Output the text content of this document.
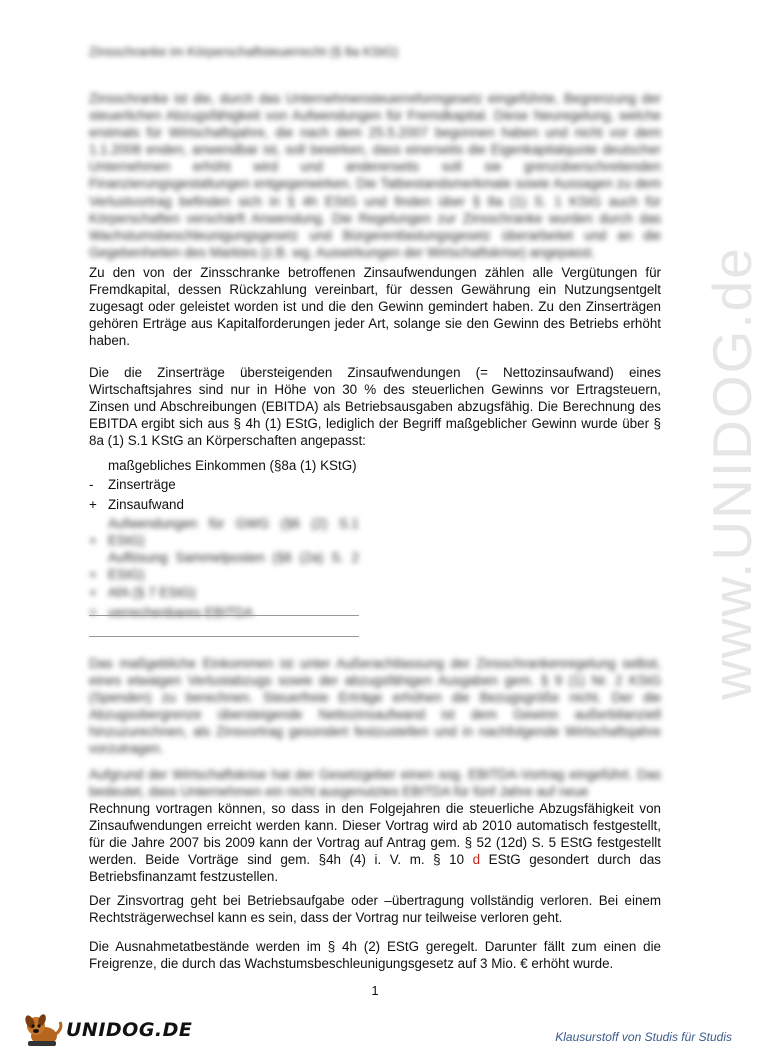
www.UNIDOG.de
Zinsschranke im Körperschaftsteuerrecht (§ 8a KStG)

Zinsschranke ist die, durch das Unternehmensteuerreformgesetz eingeführte, Begrenzung der steuerlichen Abzugsfähigkeit von Aufwendungen für Fremdkapital. Diese Neuregelung, welche erstmals für Wirtschaftsjahre, die nach dem 25.5.2007 begonnen haben und nicht vor dem 1.1.2008 enden, anwendbar ist, soll bewirken, dass einerseits die Eigenkapitalquote deutscher Unternehmen erhöht wird und andererseits soll sie grenzüberschreitenden Finanzierungsgestaltungen entgegenwirken. Die Tatbestandsmerkmale sowie Aussagen zu dem Verlustvortrag befinden sich in § 4h EStG und finden über § 8a (1) S. 1 KStG auch für Körperschaften verschärft Anwendung. Die Regelungen zur Zinsschranke wurden durch das Wachstumsbeschleunigungsgesetz und Bürgerentlastungsgesetz überarbeitet und an die Gegebenheiten des Marktes (z.B. wg. Auswirkungen der Wirtschaftskrise) angepasst.

Zu den von der Zinsschranke betroffenen Zinsaufwendungen zählen alle Vergütungen für Fremdkapital, dessen Rückzahlung vereinbart, für dessen Gewährung ein Nutzungsentgelt zugesagt oder geleistet worden ist und die den Gewinn gemindert haben. Zu den Zinserträgen gehören Erträge aus Kapitalforderungen jeder Art, solange sie den Gewinn des Betriebs erhöht haben.

Die die Zinserträge übersteigenden Zinsaufwendungen (= Nettozinsaufwand) eines Wirtschaftsjahres sind nur in Höhe von 30 % des steuerlichen Gewinns vor Ertragsteuern, Zinsen und Abschreibungen (EBITDA) als Betriebsausgaben abzugsfähig. Die Berechnung des EBITDA ergibt sich aus § 4h (1) EStG, lediglich der Begriff maßgeblicher Gewinn wurde über § 8a (1) S.1 KStG an Körperschaften angepasst:

maßgebliches Einkommen (§8a (1) KStG)
-	Zinserträge
+ Zinsaufwand
+
Aufwendungen für GWG (§6 (2) S.1 EStG)
+
Auflösung Sammelposten (§6 (2a) S. 2 EStG)
+ AfA (§ 7 EStG)
= verrechenbares EBITDA

Das maßgebliche Einkommen ist unter Außerachtlassung der Zinsschrankenregelung selbst, eines etwaigen Verlustabzugs sowie der abzugsfähigen Ausgaben gem. § 9 (1) Nr. 2 KStG (Spenden) zu berechnen. Steuerfreie Erträge erhöhen die Bezugsgröße nicht. Der die Abzugsobergrenze übersteigende Nettozinsaufwand ist dem Gewinn außerbilanziell hinzuzurechnen, als Zinsvortrag gesondert festzustellen und in nachfolgende Wirtschaftsjahre vorzutragen.

Aufgrund der Wirtschaftskrise hat der Gesetzgeber einen sog. EBITDA-Vortrag eingeführt. Das bedeutet, dass Unternehmen ein nicht ausgenutztes EBITDA für fünf Jahre auf neue

Rechnung vortragen können, so dass in den Folgejahren die steuerliche Abzugsfähigkeit von Zinsaufwendungen erreicht werden kann. Dieser Vortrag wird ab 2010 automatisch festgestellt, für die Jahre 2007 bis 2009 kann der Vortrag auf Antrag gem. § 52 (12d) S. 5 EStG festgestellt werden. Beide Vorträge sind gem. §4h (4) i. V. m. § 10 d EStG gesondert durch das Betriebsfinanzamt festzustellen.

Der Zinsvortrag geht bei Betriebsaufgabe oder –übertragung vollständig verloren. Bei einem Rechtsträgerwechsel kann es sein, dass der Vortrag nur teilweise verloren geht.

Die Ausnahmetatbestände werden im § 4h (2) EStG geregelt. Darunter fällt zum einen die Freigrenze, die durch das Wachstumsbeschleunigungsgesetz auf 3 Mio. € erhöht wurde.

1
UNIDOG.DE	Klausurstoff von Studis für Studis
